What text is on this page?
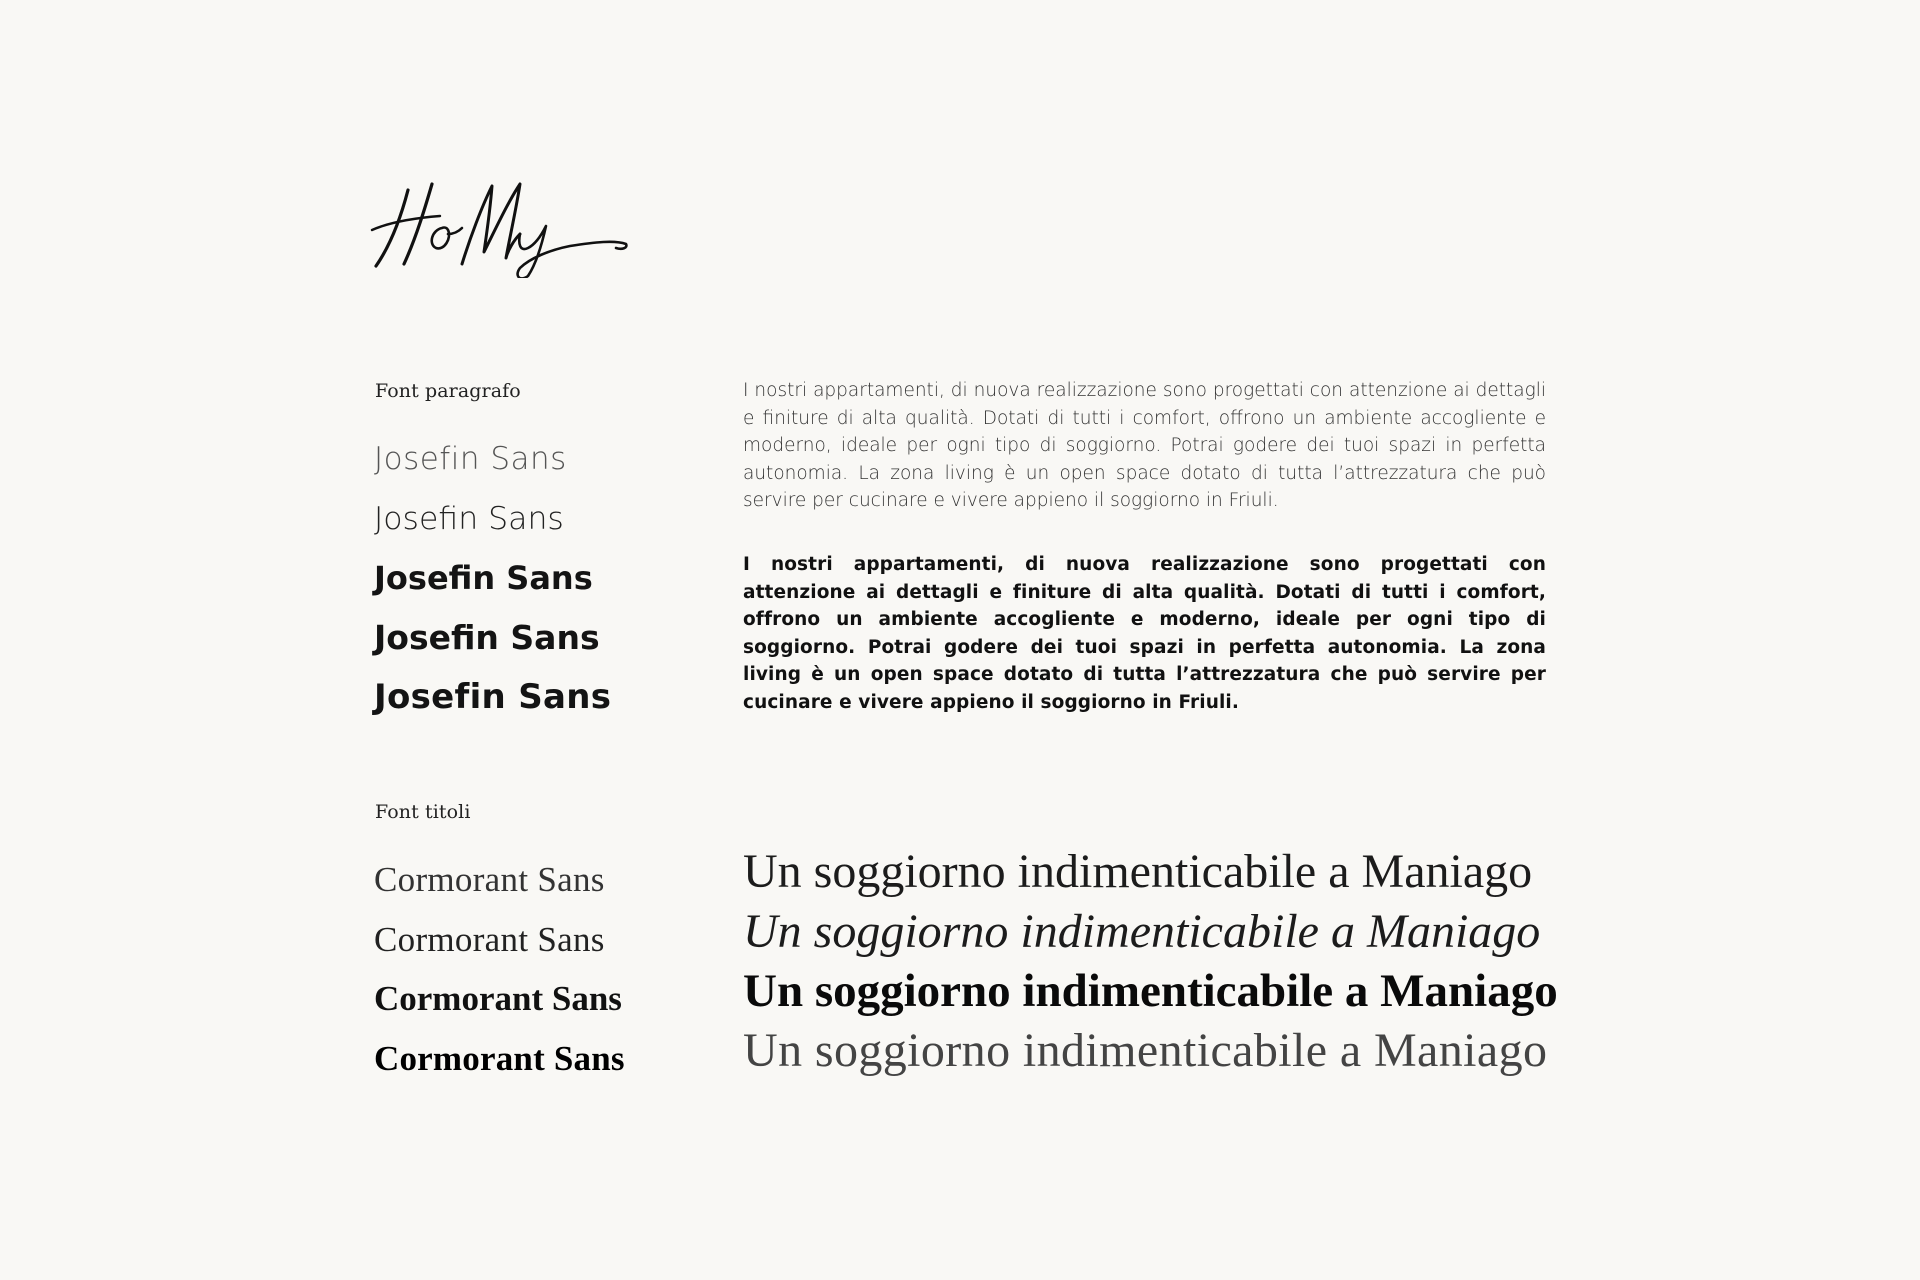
Font paragrafo
Josefin Sans
Josefin Sans
Josefin Sans
Josefin Sans
Josefin Sans

I nostri appartamenti, di nuova realizzazione sono progettati con attenzione ai dettagli e finiture di alta qualità. Dotati di tutti i comfort, offrono un ambiente accogliente e moderno, ideale per ogni tipo di soggiorno. Potrai godere dei tuoi spazi in perfetta autonomia. La zona living è un open space dotato di tutta l’attrezzatura che può servire per cucinare e vivere appieno il soggiorno in Friuli.

I nostri appartamenti, di nuova realizzazione sono progettati con attenzione ai dettagli e finiture di alta qualità. Dotati di tutti i comfort, offrono un ambiente accogliente e moderno, ideale per ogni tipo di soggiorno. Potrai godere dei tuoi spazi in perfetta autonomia. La zona living è un open space dotato di tutta l’attrezzatura che può servire per cucinare e vivere appieno il soggiorno in Friuli.

Font titoli
Cormorant Sans
Cormorant Sans
Cormorant Sans
Cormorant Sans
Un soggiorno indimenticabile a Maniago
Un soggiorno indimenticabile a Maniago
Un soggiorno indimenticabile a Maniago
Un soggiorno indimenticabile a Maniago
